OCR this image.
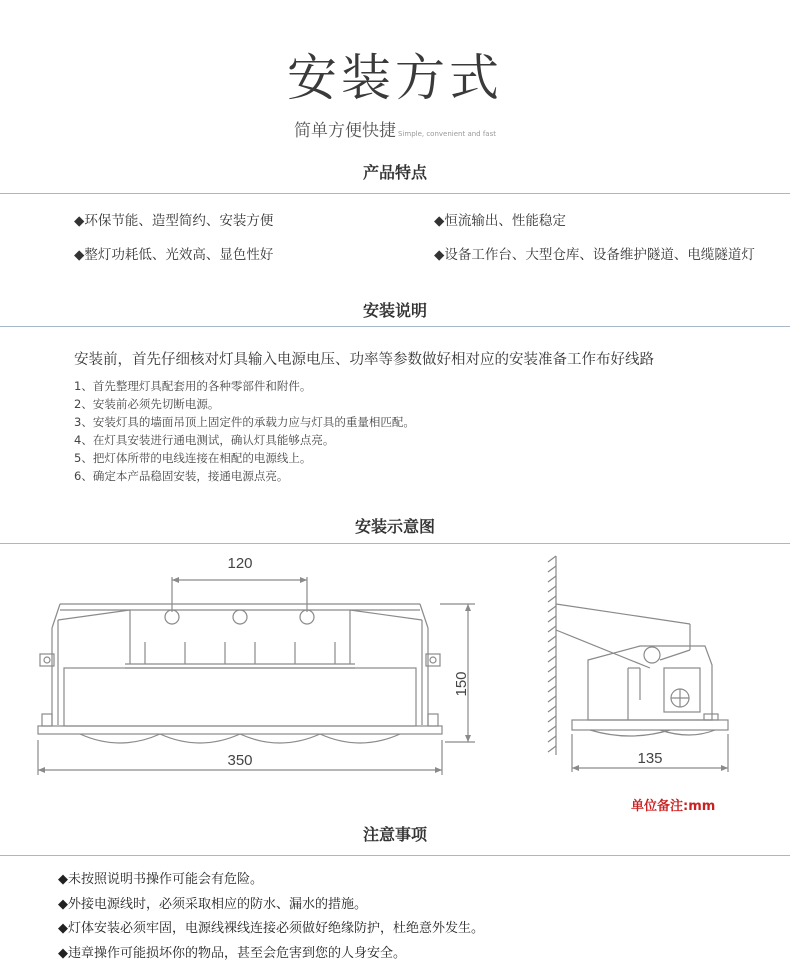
安装方式
简单方便快捷 Simple, convenient and fast
产品特点
◆环保节能、造型简约、安装方便	◆恒流输出、性能稳定
◆整灯功耗低、光效高、显色性好	◆设备工作台、大型仓库、设备维护隧道、电缆隧道灯
安装说明
安装前，首先仔细核对灯具输入电源电压、功率等参数做好相对应的安装准备工作布好线路
1、首先整理灯具配套用的各种零部件和附件。
2、安装前必须先切断电源。
3、安装灯具的墙面吊顶上固定件的承载力应与灯具的重量相匹配。
4、在灯具安装进行通电测试，确认灯具能够点亮。
5、把灯体所带的电线连接在相配的电源线上。
6、确定本产品稳固安装，接通电源点亮。
安装示意图
120
150
350	135
单位备注:mm
注意事项
◆未按照说明书操作可能会有危险。
◆外接电源线时，必须采取相应的防水、漏水的措施。
◆灯体安装必须牢固，电源线裸线连接必须做好绝缘防护，杜绝意外发生。
◆违章操作可能损坏你的物品，甚至会危害到您的人身安全。
